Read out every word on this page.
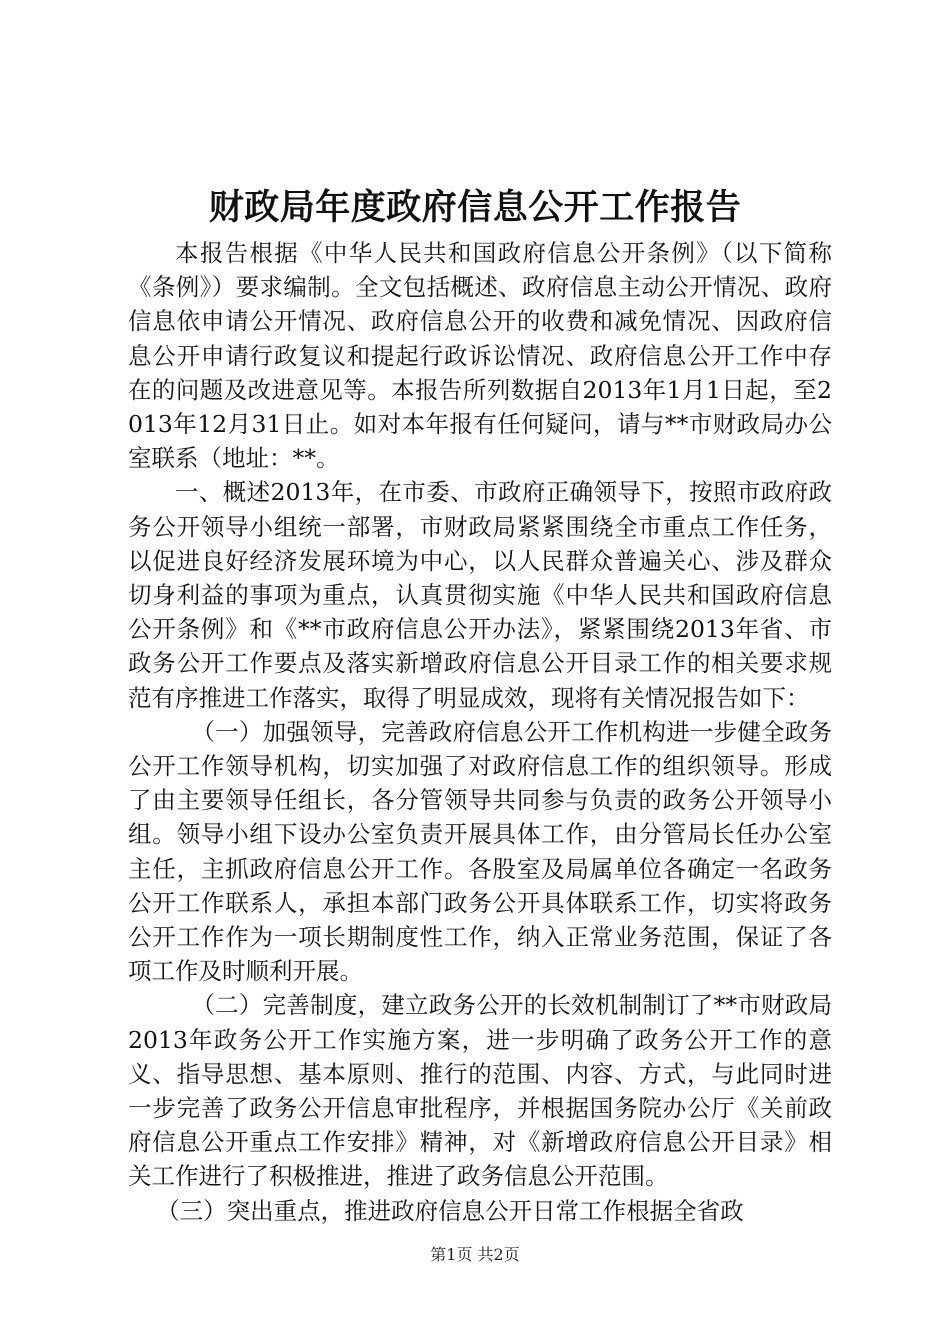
财政局年度政府信息公开工作报告

本报告根据《中华人民共和国政府信息公开条例》（以下简称《条例》）要求编制。全文包括概述、政府信息主动公开情况、政府信息依申请公开情况、政府信息公开的收费和减免情况、因政府信息公开申请行政复议和提起行政诉讼情况、政府信息公开工作中存在的问题及改进意见等。本报告所列数据自2013年1月1日起，至2013年12月31日止。如对本年报有任何疑问，请与**市财政局办公室联系（地址：**。

一、概述2013年，在市委、市政府正确领导下，按照市政府政务公开领导小组统一部署，市财政局紧紧围绕全市重点工作任务，以促进良好经济发展环境为中心，以人民群众普遍关心、涉及群众切身利益的事项为重点，认真贯彻实施《中华人民共和国政府信息公开条例》和《**市政府信息公开办法》，紧紧围绕2013年省、市政务公开工作要点及落实新增政府信息公开目录工作的相关要求规范有序推进工作落实，取得了明显成效，现将有关情况报告如下：

（一）加强领导，完善政府信息公开工作机构进一步健全政务公开工作领导机构，切实加强了对政府信息工作的组织领导。形成了由主要领导任组长，各分管领导共同参与负责的政务公开领导小组。领导小组下设办公室负责开展具体工作，由分管局长任办公室主任，主抓政府信息公开工作。各股室及局属单位各确定一名政务公开工作联系人，承担本部门政务公开具体联系工作，切实将政务公开工作作为一项长期制度性工作，纳入正常业务范围，保证了各项工作及时顺利开展。

（二）完善制度，建立政务公开的长效机制制订了**市财政局2013年政务公开工作实施方案，进一步明确了政务公开工作的意义、指导思想、基本原则、推行的范围、内容、方式，与此同时进一步完善了政务公开信息审批程序，并根据国务院办公厅《关前政府信息公开重点工作安排》精神，对《新增政府信息公开目录》相关工作进行了积极推进，推进了政务信息公开范围。

（三）突出重点，推进政府信息公开日常工作根据全省政

第1页 共2页
